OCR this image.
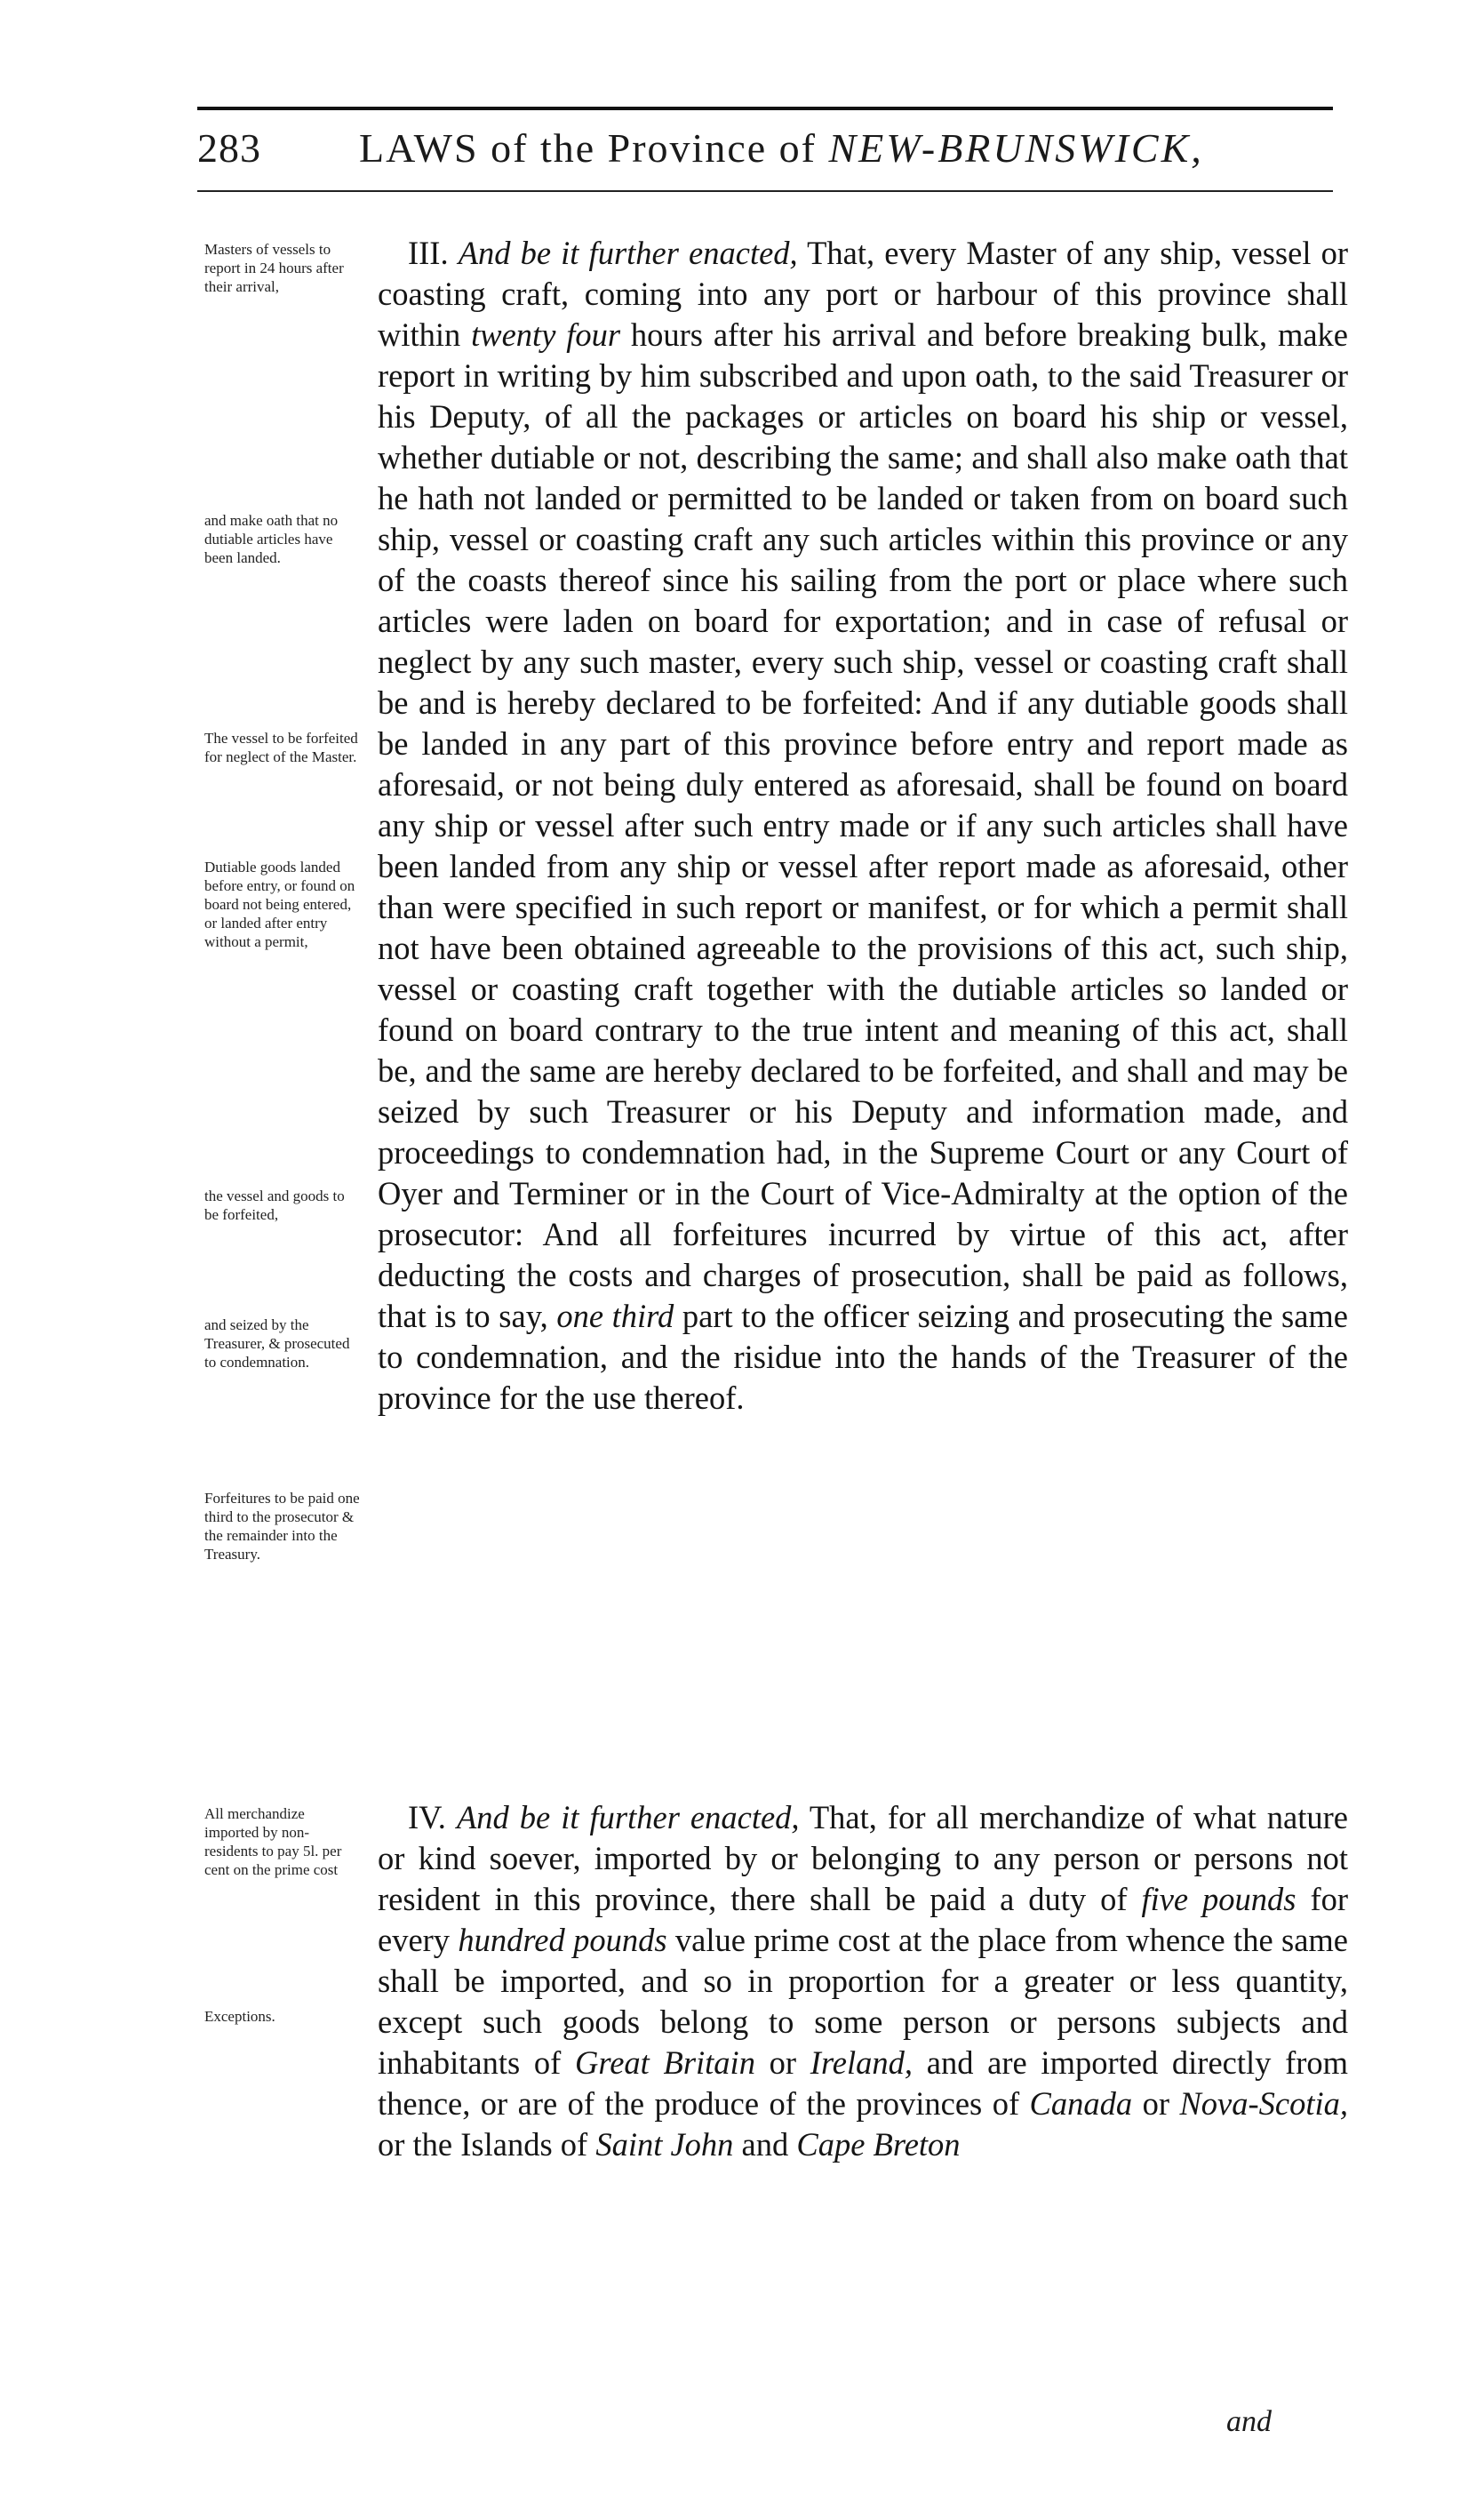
283 LAWS of the Province of NEW-BRUNSWICK,
Masters of vessels to report in 24 hours after their arrival,
and make oath that no dutiable articles have been landed.
The vessel to be forfeited for neglect of the Master.
Dutiable goods landed before entry, or found on board not being entered, or landed after entry without a permit,
the vessel and goods to be forfeited,
and seized by the Treasurer, & prosecuted to condemnation.
Forfeitures to be paid one third to the prosecutor & the remainder into the Treasury.
All merchandize imported by non-residents to pay 5l. per cent on the prime cost
Exceptions.

III. And be it further enacted, That, every Master of any ship, vessel or coasting craft, coming into any port or harbour of this province shall within twenty four hours after his arrival and before breaking bulk, make report in writing by him subscribed and upon oath, to the said Treasurer or his Deputy, of all the packages or articles on board his ship or vessel, whether dutiable or not, describing the same; and shall also make oath that he hath not landed or permitted to be landed or taken from on board such ship, vessel or coasting craft any such articles within this province or any of the coasts thereof since his sailing from the port or place where such articles were laden on board for exportation; and in case of refusal or neglect by any such master, every such ship, vessel or coasting craft shall be and is hereby declared to be forfeited: And if any dutiable goods shall be landed in any part of this province before entry and report made as aforesaid, or not being duly entered as aforesaid, shall be found on board any ship or vessel after such entry made or if any such articles shall have been landed from any ship or vessel after report made as aforesaid, other than were specified in such report or manifest, or for which a permit shall not have been obtained agreeable to the provisions of this act, such ship, vessel or coasting craft together with the dutiable articles so landed or found on board contrary to the true intent and meaning of this act, shall be, and the same are hereby declared to be forfeited, and shall and may be seized by such Treasurer or his Deputy and information made, and proceedings to condemnation had, in the Supreme Court or any Court of Oyer and Terminer or in the Court of Vice-Admiralty at the option of the prosecutor: And all forfeitures incurred by virtue of this act, after deducting the costs and charges of prosecution, shall be paid as follows, that is to say, one third part to the officer seizing and prosecuting the same to condemnation, and the risidue into the hands of the Treasurer of the province for the use thereof.

IV. And be it further enacted, That, for all merchandize of what nature or kind soever, imported by or belonging to any person or persons not resident in this province, there shall be paid a duty of five pounds for every hundred pounds value prime cost at the place from whence the same shall be imported, and so in proportion for a greater or less quantity, except such goods belong to some person or persons subjects and inhabitants of Great Britain or Ireland, and are imported directly from thence, or are of the produce of the provinces of Canada or Nova-Scotia, or the Islands of Saint John and Cape Breton

and
